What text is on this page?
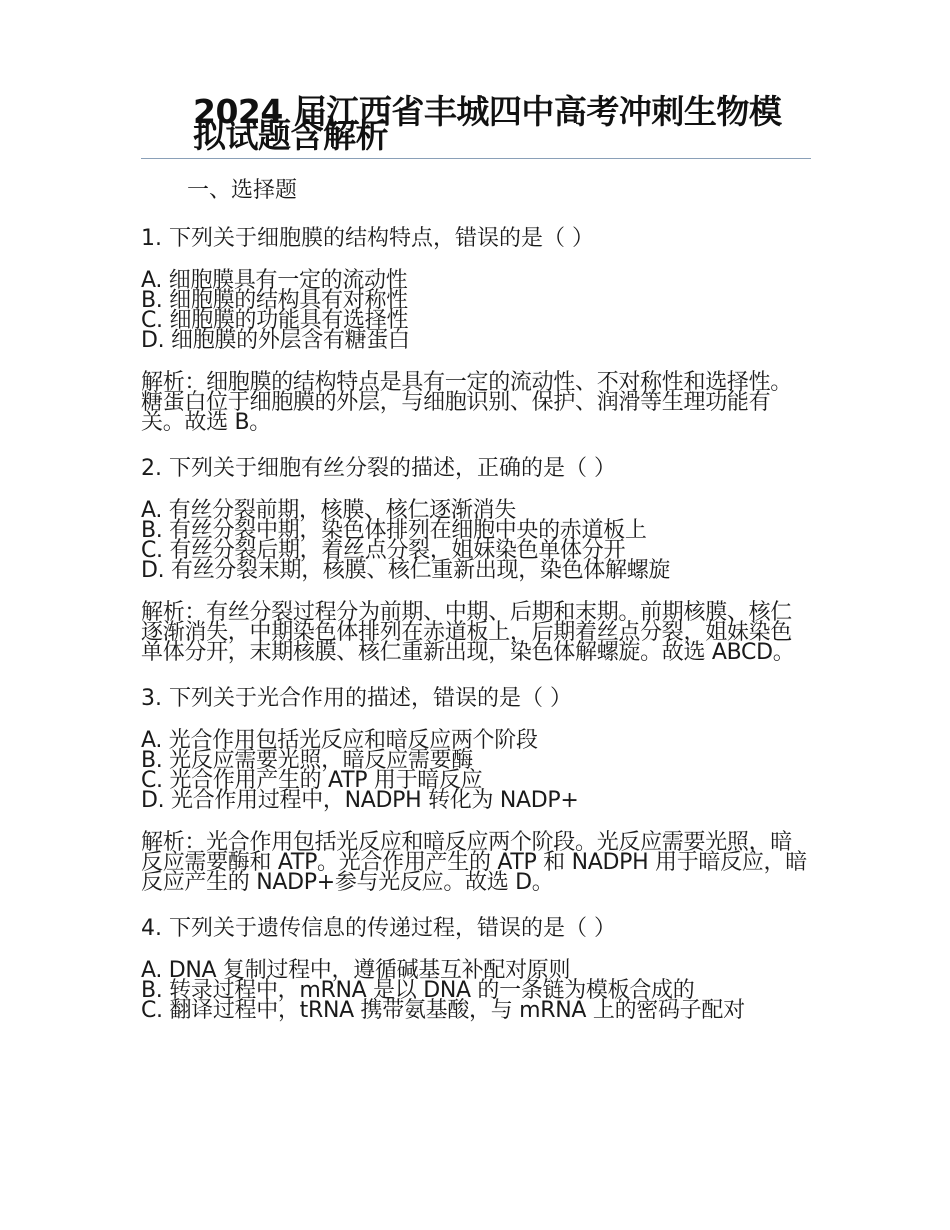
2024 届江西省丰城四中高考冲刺生物模拟试题含解析
一、选择题

1. 下列关于细胞膜的结构特点，错误的是（ ）

A. 细胞膜具有一定的流动性
B. 细胞膜的结构具有对称性
C. 细胞膜的功能具有选择性
D. 细胞膜的外层含有糖蛋白

解析：细胞膜的结构特点是具有一定的流动性、不对称性和选择性。糖蛋白位于细胞膜的外层，与细胞识别、保护、润滑等生理功能有关。故选 B。

2. 下列关于细胞有丝分裂的描述，正确的是（ ）

A. 有丝分裂前期，核膜、核仁逐渐消失
B. 有丝分裂中期，染色体排列在细胞中央的赤道板上
C. 有丝分裂后期，着丝点分裂，姐妹染色单体分开
D. 有丝分裂末期，核膜、核仁重新出现，染色体解螺旋

解析：有丝分裂过程分为前期、中期、后期和末期。前期核膜、核仁逐渐消失，中期染色体排列在赤道板上，后期着丝点分裂，姐妹染色单体分开，末期核膜、核仁重新出现，染色体解螺旋。故选 ABCD。

3. 下列关于光合作用的描述，错误的是（ ）

A. 光合作用包括光反应和暗反应两个阶段
B. 光反应需要光照，暗反应需要酶
C. 光合作用产生的 ATP 用于暗反应
D. 光合作用过程中，NADPH 转化为 NADP+

解析：光合作用包括光反应和暗反应两个阶段。光反应需要光照，暗反应需要酶和 ATP。光合作用产生的 ATP 和 NADPH 用于暗反应，暗反应产生的 NADP+参与光反应。故选 D。

4. 下列关于遗传信息的传递过程，错误的是（ ）

A. DNA 复制过程中，遵循碱基互补配对原则
B. 转录过程中，mRNA 是以 DNA 的一条链为模板合成的
C. 翻译过程中，tRNA 携带氨基酸，与 mRNA 上的密码子配对
